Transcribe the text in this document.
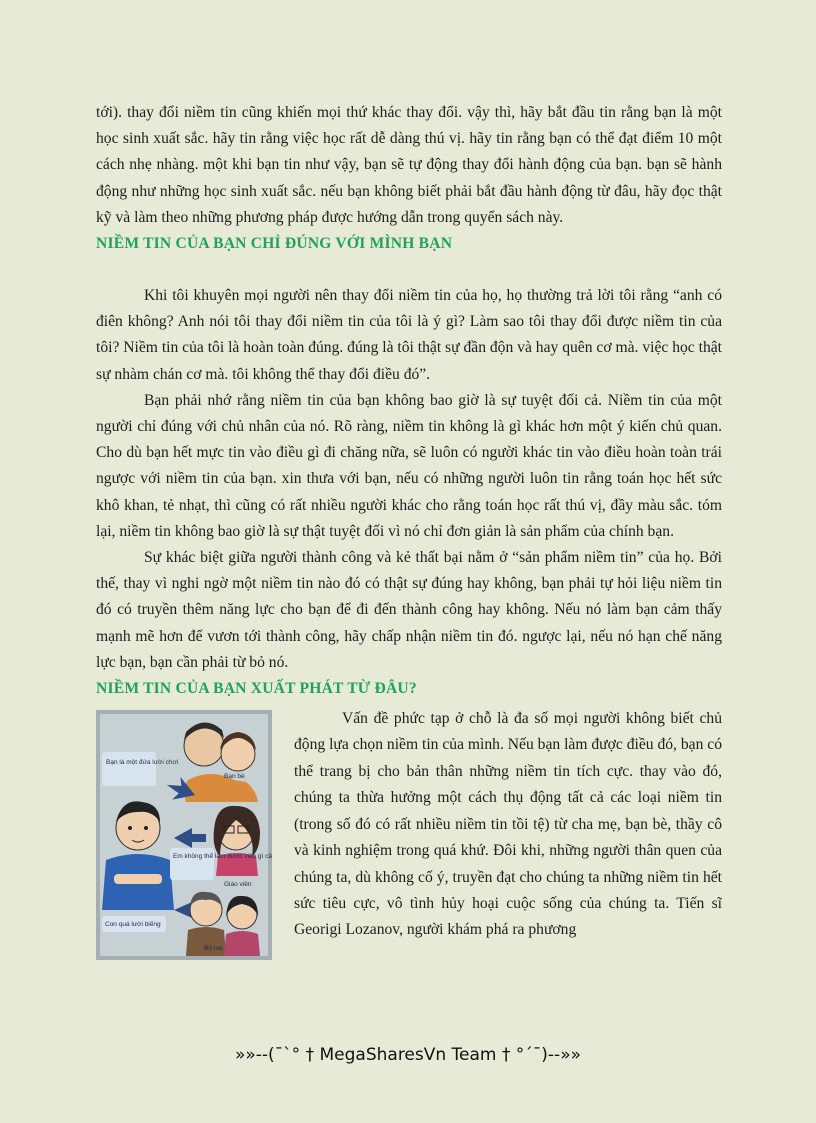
tới). thay đổi niềm tin cũng khiến mọi thứ khác thay đổi. vậy thì, hãy bắt đầu tin rằng bạn là một học sinh xuất sắc. hãy tin rằng việc học rất dễ dàng thú vị. hãy tin rằng bạn có thể đạt điểm 10 một cách nhẹ nhàng. một khi bạn tin như vậy, bạn sẽ tự động thay đổi hành động của bạn. bạn sẽ hành động như những học sinh xuất sắc. nếu bạn không biết phải bắt đầu hành động từ đâu, hãy đọc thật kỹ và làm theo những phương pháp được hướng dẫn trong quyển sách này.

NIỀM TIN CỦA BẠN CHỈ ĐÚNG VỚI MÌNH BẠN

Khi tôi khuyên mọi người nên thay đổi niềm tin của họ, họ thường trả lời tôi rằng “anh có điên không? Anh nói tôi thay đổi niềm tin của tôi là ý gì? Làm sao tôi thay đổi được niềm tin của tôi? Niềm tin của tôi là hoàn toàn đúng. đúng là tôi thật sự đần độn và hay quên cơ mà. việc học thật sự nhàm chán cơ mà. tôi không thể thay đổi điều đó”.

Bạn phải nhớ rằng niềm tin của bạn không bao giờ là sự tuyệt đối cả. Niềm tin của một người chỉ đúng với chủ nhân của nó. Rõ ràng, niềm tin không là gì khác hơn một ý kiến chủ quan. Cho dù bạn hết mực tin vào điều gì đi chăng nữa, sẽ luôn có người khác tin vào điều hoàn toàn trái ngược với niềm tin của bạn. xin thưa với bạn, nếu có những người luôn tin rằng toán học hết sức khô khan, tẻ nhạt, thì cũng có rất nhiều người khác cho rằng toán học rất thú vị, đầy màu sắc. tóm lại, niềm tin không bao giờ là sự thật tuyệt đối vì nó chỉ đơn giản là sản phẩm của chính bạn.

Sự khác biệt giữa người thành công và kẻ thất bại nằm ở “sản phẩm niềm tin” của họ. Bởi thế, thay vì nghi ngờ một niềm tin nào đó có thật sự đúng hay không, bạn phải tự hỏi liệu niềm tin đó có truyền thêm năng lực cho bạn để đi đến thành công hay không. Nếu nó làm bạn cảm thấy mạnh mẽ hơn để vươn tới thành công, hãy chấp nhận niềm tin đó. ngược lại, nếu nó hạn chế năng lực bạn, bạn cần phải từ bỏ nó.

NIỀM TIN CỦA BẠN XUẤT PHÁT TỪ ĐÂU?
Bạn là một đứa lười chơi
Bạn bè
Em không thể làm được việc gì cả
Giáo viên
Con quá lười biếng
Bố mẹ

Vấn đề phức tạp ở chỗ là đa số mọi người không biết chủ động lựa chọn niềm tin của mình. Nếu bạn làm được điều đó, bạn có thể trang bị cho bản thân những niềm tin tích cực. thay vào đó, chúng ta thừa hưởng một cách thụ động tất cả các loại niềm tin (trong số đó có rất nhiều niềm tin tồi tệ) từ cha mẹ, bạn bè, thầy cô và kinh nghiệm trong quá khứ. Đôi khi, những người thân quen của chúng ta, dù không cố ý, truyền đạt cho chúng ta những niềm tin hết sức tiêu cực, vô tình hủy hoại cuộc sống của chúng ta. Tiến sĩ Georigi Lozanov, người khám phá ra phương

»»--(¯`° † MegaSharesVn Team † °´¯)--»»
